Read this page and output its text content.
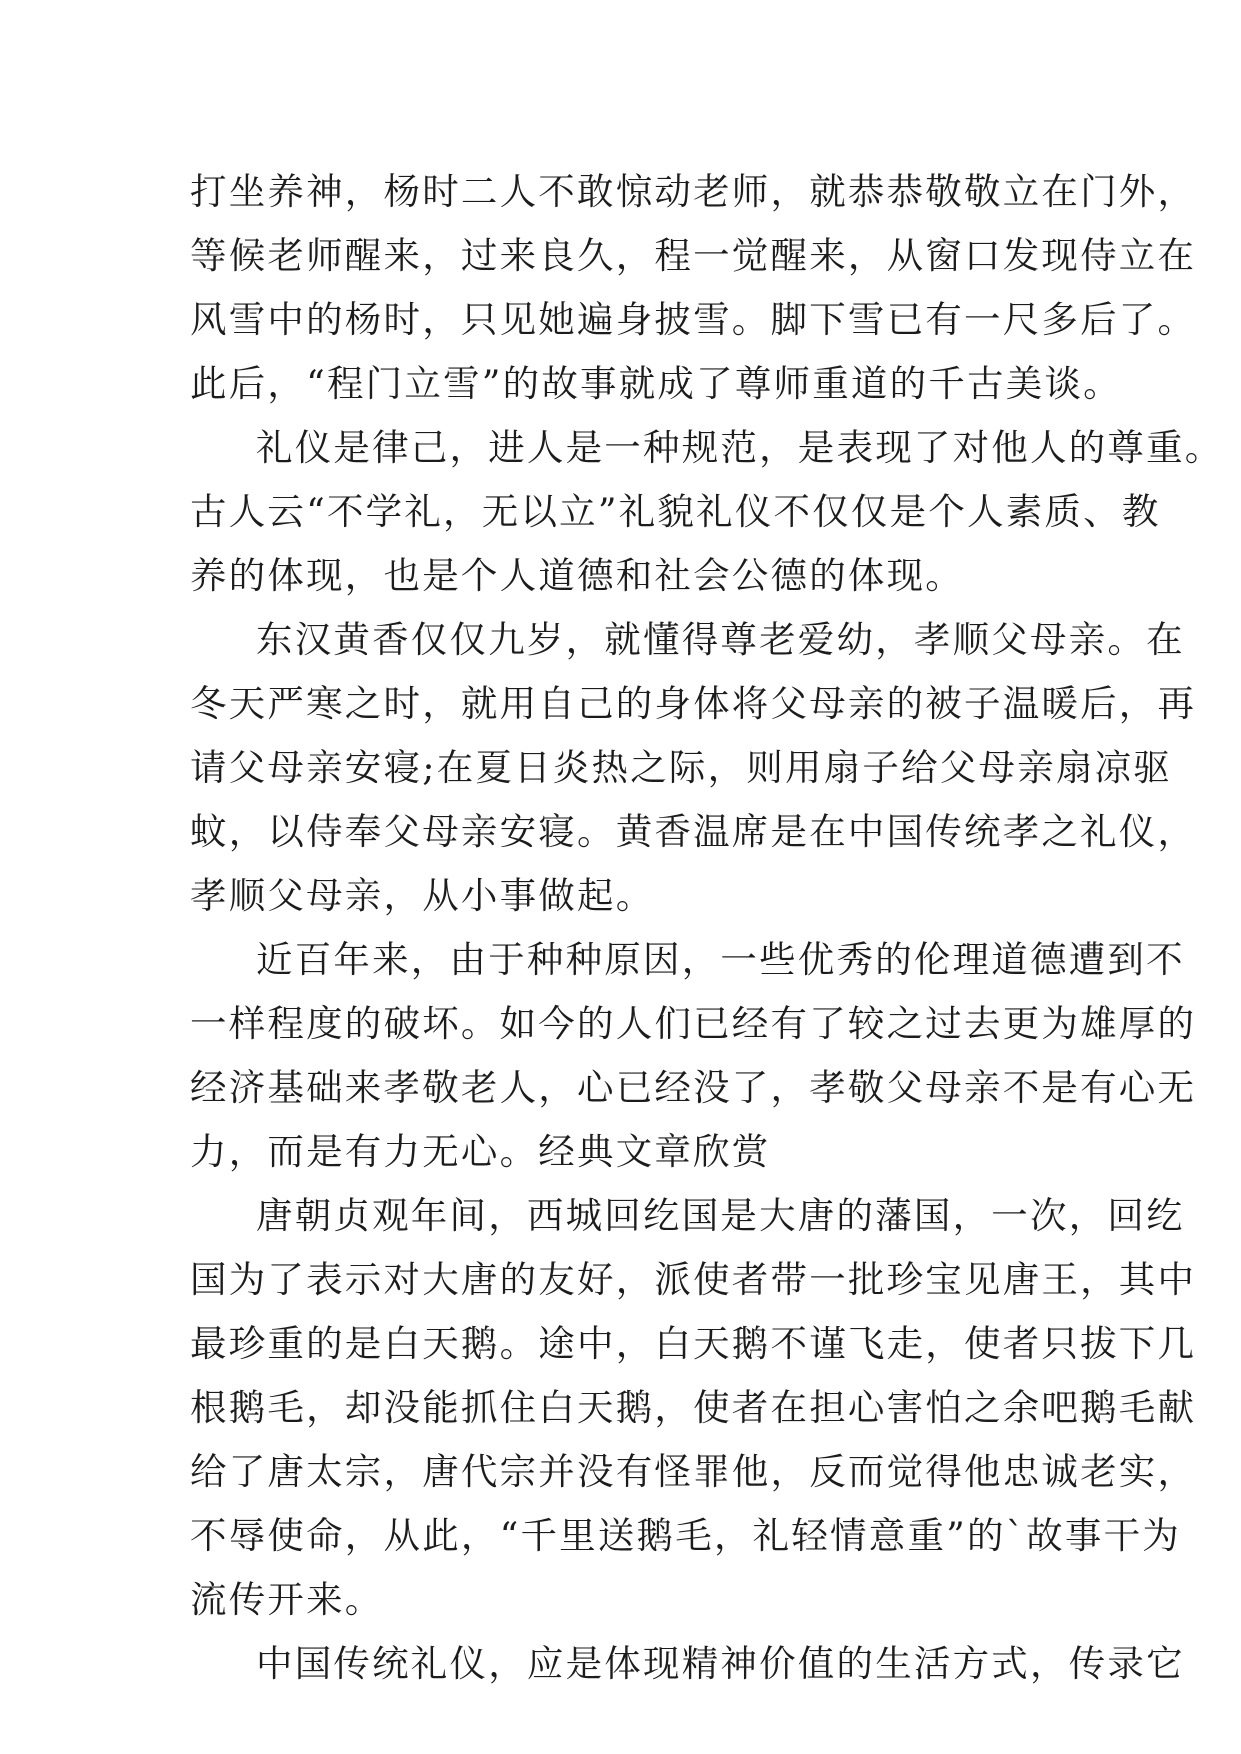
打坐养神，杨时二人不敢惊动老师，就恭恭敬敬立在门外，
等候老师醒来，过来良久，程一觉醒来，从窗口发现侍立在
风雪中的杨时，只见她遍身披雪。脚下雪已有一尺多后了。
此后，“程门立雪”的故事就成了尊师重道的千古美谈。
礼仪是律己，进人是一种规范，是表现了对他人的尊重。
古人云“不学礼，无以立”礼貌礼仪不仅仅是个人素质、教
养的体现，也是个人道德和社会公德的体现。
东汉黄香仅仅九岁，就懂得尊老爱幼，孝顺父母亲。在
冬天严寒之时，就用自己的身体将父母亲的被子温暖后，再
请父母亲安寝;在夏日炎热之际，则用扇子给父母亲扇凉驱
蚊，以侍奉父母亲安寝。黄香温席是在中国传统孝之礼仪，
孝顺父母亲，从小事做起。
近百年来，由于种种原因，一些优秀的伦理道德遭到不
一样程度的破坏。如今的人们已经有了较之过去更为雄厚的
经济基础来孝敬老人，心已经没了，孝敬父母亲不是有心无
力，而是有力无心。经典文章欣赏
唐朝贞观年间，西城回纥国是大唐的藩国，一次，回纥
国为了表示对大唐的友好，派使者带一批珍宝见唐王，其中
最珍重的是白天鹅。途中，白天鹅不谨飞走，使者只拔下几
根鹅毛，却没能抓住白天鹅，使者在担心害怕之余吧鹅毛献
给了唐太宗，唐代宗并没有怪罪他，反而觉得他忠诚老实，
不辱使命，从此，“千里送鹅毛，礼轻情意重”的`故事干为
流传开来。
中国传统礼仪，应是体现精神价值的生活方式，传录它
